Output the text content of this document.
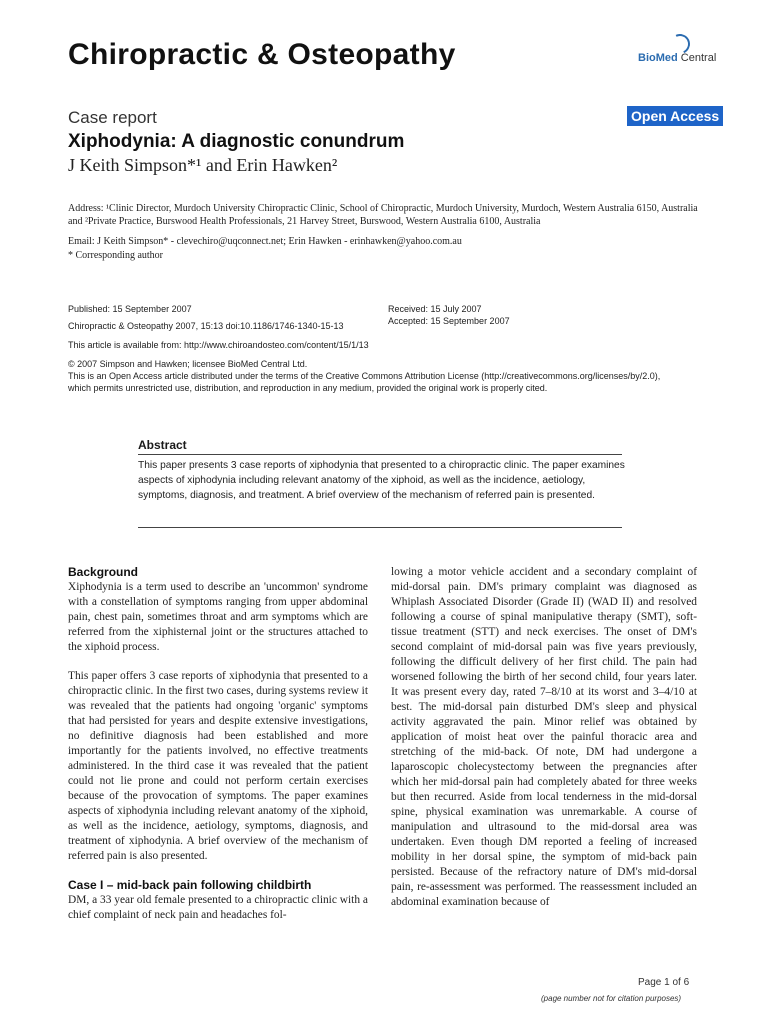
Chiropractic & Osteopathy	BioMed Central
Case report	Open Access
Xiphodynia: A diagnostic conundrum
J Keith Simpson*¹ and Erin Hawken²
Address: ¹Clinic Director, Murdoch University Chiropractic Clinic, School of Chiropractic, Murdoch University, Murdoch, Western Australia 6150, Australia and ²Private Practice, Burswood Health Professionals, 21 Harvey Street, Burswood, Western Australia 6100, Australia
Email: J Keith Simpson* - clevechiro@uqconnect.net; Erin Hawken - erinhawken@yahoo.com.au
* Corresponding author
Published: 15 September 2007
Chiropractic & Osteopathy 2007, 15:13 doi:10.1186/1746-1340-15-13
Received: 15 July 2007
Accepted: 15 September 2007
This article is available from: http://www.chiroandosteo.com/content/15/1/13
© 2007 Simpson and Hawken; licensee BioMed Central Ltd.
This is an Open Access article distributed under the terms of the Creative Commons Attribution License (http://creativecommons.org/licenses/by/2.0),
which permits unrestricted use, distribution, and reproduction in any medium, provided the original work is properly cited.
Abstract
This paper presents 3 case reports of xiphodynia that presented to a chiropractic clinic. The paper examines aspects of xiphodynia including relevant anatomy of the xiphoid, as well as the incidence, aetiology, symptoms, diagnosis, and treatment. A brief overview of the mechanism of referred pain is presented.
Background

Xiphodynia is a term used to describe an 'uncommon' syndrome with a constellation of symptoms ranging from upper abdominal pain, chest pain, sometimes throat and arm symptoms which are referred from the xiphisternal joint or the structures attached to the xiphoid process.

This paper offers 3 case reports of xiphodynia that presented to a chiropractic clinic. In the first two cases, during systems review it was revealed that the patients had ongoing 'organic' symptoms that had persisted for years and despite extensive investigations, no definitive diagnosis had been established and more importantly for the patients involved, no effective treatments administered. In the third case it was revealed that the patient could not lie prone and could not perform certain exercises because of the provocation of symptoms. The paper examines aspects of xiphodynia including relevant anatomy of the xiphoid, as well as the incidence, aetiology, symptoms, diagnosis, and treatment of xiphodynia. A brief overview of the mechanism of referred pain is also presented.

Case I – mid-back pain following childbirth

DM, a 33 year old female presented to a chiropractic clinic with a chief complaint of neck pain and headaches fol-

lowing a motor vehicle accident and a secondary complaint of mid-dorsal pain. DM's primary complaint was diagnosed as Whiplash Associated Disorder (Grade II) (WAD II) and resolved following a course of spinal manipulative therapy (SMT), soft-tissue treatment (STT) and neck exercises. The onset of DM's second complaint of mid-dorsal pain was five years previously, following the difficult delivery of her first child. The pain had worsened following the birth of her second child, four years later. It was present every day, rated 7–8/10 at its worst and 3–4/10 at best. The mid-dorsal pain disturbed DM's sleep and physical activity aggravated the pain. Minor relief was obtained by application of moist heat over the painful thoracic area and stretching of the mid-back. Of note, DM had undergone a laparoscopic cholecystectomy between the pregnancies after which her mid-dorsal pain had completely abated for three weeks but then recurred. Aside from local tenderness in the mid-dorsal spine, physical examination was unremarkable. A course of manipulation and ultrasound to the mid-dorsal area was undertaken. Even though DM reported a feeling of increased mobility in her dorsal spine, the symptom of mid-back pain persisted. Because of the refractory nature of DM's mid-dorsal pain, re-assessment was performed. The reassessment included an abdominal examination because of

Page 1 of 6
(page number not for citation purposes)
